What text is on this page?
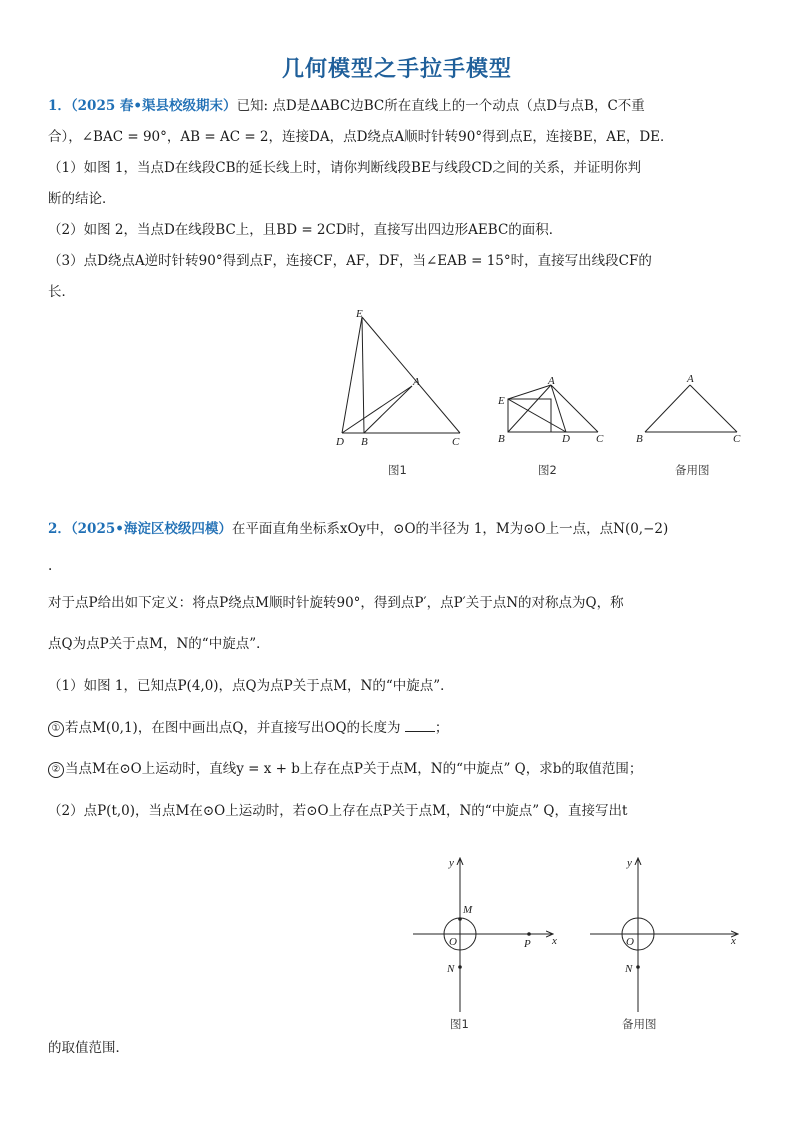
几何模型之手拉手模型
1．（2025 春•渠县校级期末）已知: 点D是ΔABC边BC所在直线上的一个动点（点D与点B，C不重
合），∠BAC = 90°，AB = AC = 2，连接DA，点D绕点A顺时针转90°得到点E，连接BE，AE，DE．
（1）如图 1，当点D在线段CB的延长线上时，请你判断线段BE与线段CD之间的关系，并证明你判
断的结论．
（2）如图 2，当点D在线段BC上，且BD = 2CD时，直接写出四边形AEBC的面积．
（3）点D绕点A逆时针转90°得到点F，连接CF，AF，DF，当∠EAB = 15°时，直接写出线段CF的
长．
E
A
D B	C
A
E
B	D C
A
B	C
图1	图2	备用图
2．（2025•海淀区校级四模）在平面直角坐标系xOy中，⊙O的半径为 1，M为⊙O上一点，点N(0,−2)
.
对于点P给出如下定义：将点P绕点M顺时针旋转90°，得到点P′，点P′关于点N的对称点为Q，称
点Q为点P关于点M，N的“中旋点”．
（1）如图 1，已知点P(4,0)，点Q为点P关于点M，N的“中旋点”．
① 若点M(0,1)，在图中画出点Q，并直接写出OQ的长度为	；
② 当点M在⊙O上运动时，直线y = x + b上存在点P关于点M，N的“中旋点” Q，求b的取值范围；
（2）点P(t,0)，当点M在⊙O上运动时，若⊙O上存在点P关于点M，N的“中旋点” Q，直接写出t
y
x
O
M
N
P
y
x
O
N
图1	备用图
的取值范围．
